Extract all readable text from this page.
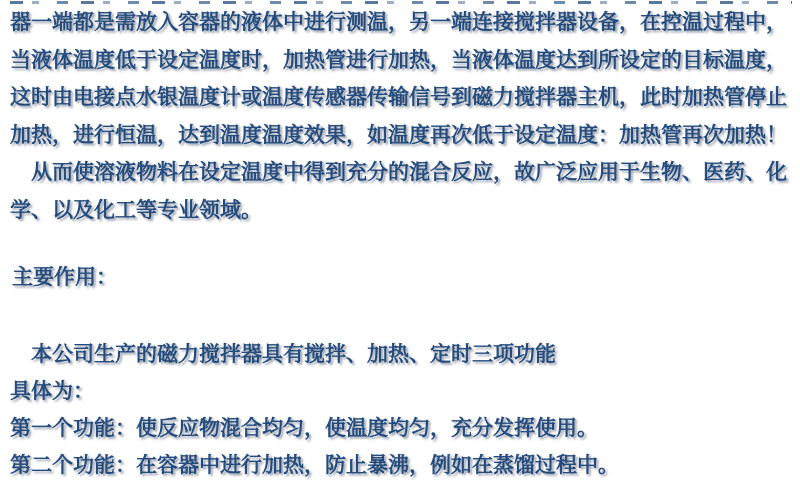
器一端都是需放入容器的液体中进行测温，另一端连接搅拌器设备，在控温过程中，

当液体温度低于设定温度时，加热管进行加热，当液体温度达到所设定的目标温度，

这时由电接点水银温度计或温度传感器传输信号到磁力搅拌器主机，此时加热管停止

加热，进行恒温，达到温度温度效果，如温度再次低于设定温度：加热管再次加热！

从而使溶液物料在设定温度中得到充分的混合反应，故广泛应用于生物、医药、化

学、以及化工等专业领域。

主要作用：

本公司生产的磁力搅拌器具有搅拌、加热、定时三项功能

具体为：

第一个功能：使反应物混合均匀，使温度均匀，充分发挥使用。

第二个功能：在容器中进行加热，防止暴沸，例如在蒸馏过程中。
